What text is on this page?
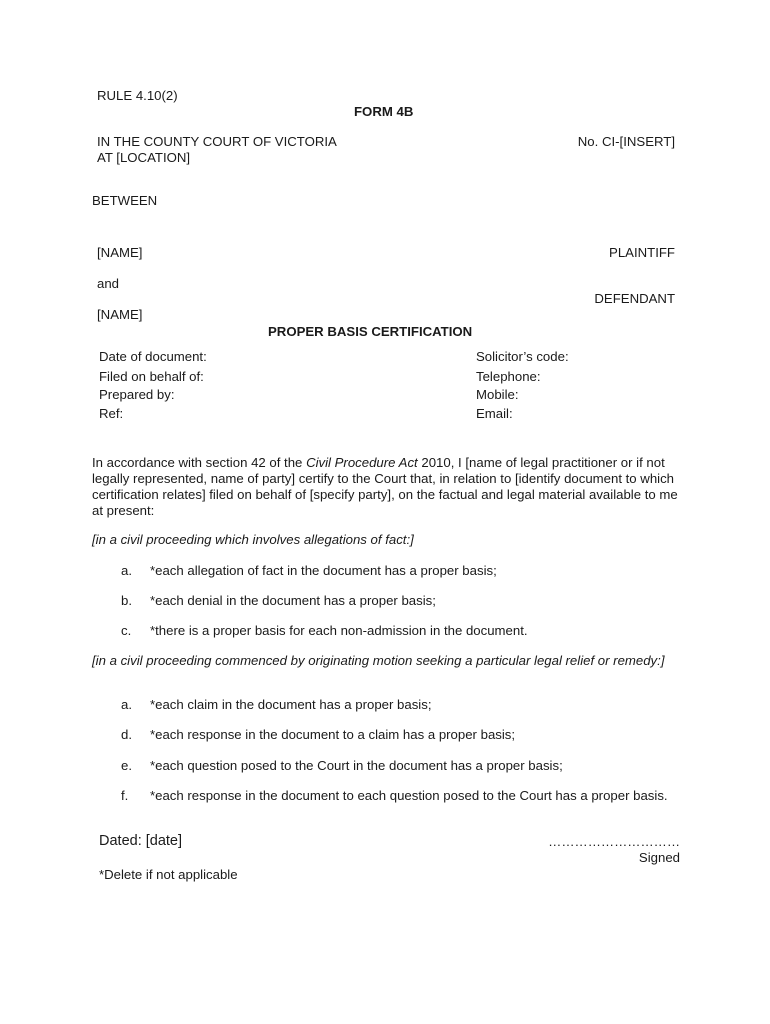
RULE 4.10(2)
FORM 4B
IN THE COUNTY COURT OF VICTORIA
AT [LOCATION]
No. CI-[INSERT]
BETWEEN
[NAME]	PLAINTIFF
and
DEFENDANT
[NAME]
PROPER BASIS CERTIFICATION
Date of document:
Filed on behalf of:
Prepared by:
Ref:
Solicitor’s code:
Telephone:
Mobile:
Email:
In accordance with section 42 of the Civil Procedure Act 2010, I [name of legal practitioner or if not legally represented, name of party] certify to the Court that, in relation to [identify document to which certification relates] filed on behalf of [specify party], on the factual and legal material available to me at present:
[in a civil proceeding which involves allegations of fact:]
a. *each allegation of fact in the document has a proper basis;
b. *each denial in the document has a proper basis;
c. *there is a proper basis for each non-admission in the document.
[in a civil proceeding commenced by originating motion seeking a particular legal relief or remedy:]
a. *each claim in the document has a proper basis;
d. *each response in the document to a claim has a proper basis;
e. *each question posed to the Court in the document has a proper basis;
f. *each response in the document to each question posed to the Court has a proper basis.
Dated: [date]	…………………………
Signed
*Delete if not applicable
